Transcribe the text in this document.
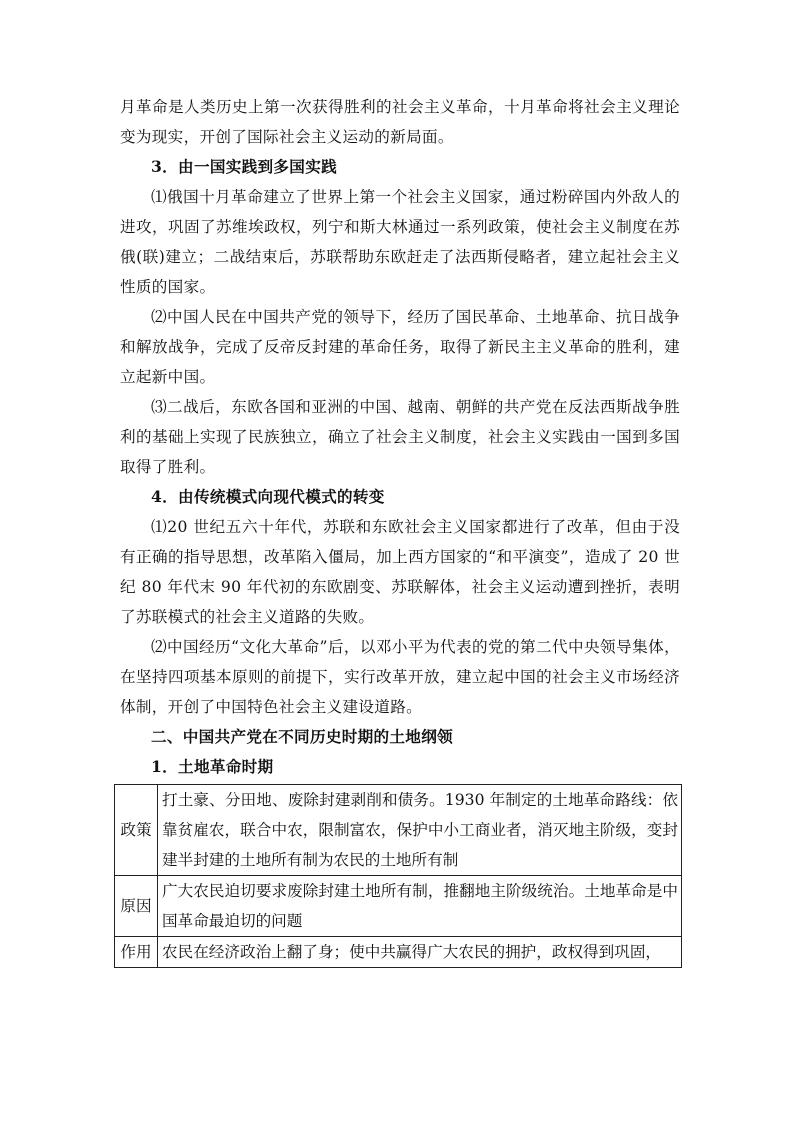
月革命是人类历史上第一次获得胜利的社会主义革命，十月革命将社会主义理论变为现实，开创了国际社会主义运动的新局面。

3．由一国实践到多国实践

⑴俄国十月革命建立了世界上第一个社会主义国家，通过粉碎国内外敌人的进攻，巩固了苏维埃政权，列宁和斯大林通过一系列政策，使社会主义制度在苏俄(联)建立；二战结束后，苏联帮助东欧赶走了法西斯侵略者，建立起社会主义性质的国家。

⑵中国人民在中国共产党的领导下，经历了国民革命、土地革命、抗日战争和解放战争，完成了反帝反封建的革命任务，取得了新民主主义革命的胜利，建立起新中国。

⑶二战后，东欧各国和亚洲的中国、越南、朝鲜的共产党在反法西斯战争胜利的基础上实现了民族独立，确立了社会主义制度，社会主义实践由一国到多国取得了胜利。

4．由传统模式向现代模式的转变

⑴20 世纪五六十年代，苏联和东欧社会主义国家都进行了改革，但由于没有正确的指导思想，改革陷入僵局，加上西方国家的“和平演变”，造成了 20 世纪 80 年代末 90 年代初的东欧剧变、苏联解体，社会主义运动遭到挫折，表明了苏联模式的社会主义道路的失败。

⑵中国经历“文化大革命”后，以邓小平为代表的党的第二代中央领导集体，在坚持四项基本原则的前提下，实行改革开放，建立起中国的社会主义市场经济体制，开创了中国特色社会主义建设道路。

二、中国共产党在不同历史时期的土地纲领

1．土地革命时期

政策	打土豪、分田地、废除封建剥削和债务。1930 年制定的土地革命路线：依靠贫雇农，联合中农，限制富农，保护中小工商业者，消灭地主阶级，变封建半封建的土地所有制为农民的土地所有制
原因	广大农民迫切要求废除封建土地所有制，推翻地主阶级统治。土地革命是中国革命最迫切的问题
作用	农民在经济政治上翻了身；使中共赢得广大农民的拥护，政权得到巩固，
